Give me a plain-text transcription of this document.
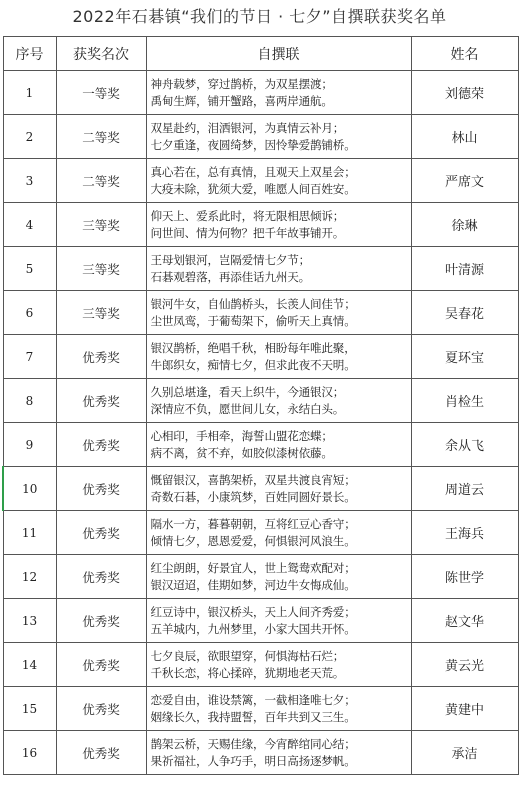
2022年石碁镇“我们的节日 · 七夕”自撰联获奖名单
序号	获奖名次	自撰联	姓名
1	一等奖	神舟载梦，穿过鹊桥，为双星摆渡；
禹甸生辉，铺开蟹路，喜两岸通航。	刘德荣
2	二等奖	双星赴约，泪洒银河，为真情云补月；
七夕重逢，夜圆绮梦，因怜挚爱鹊铺桥。	林山
3	二等奖	真心若在，总有真情，且观天上双星会；
大疫未除，犹须大爱，唯愿人间百姓安。	严席文
4	三等奖	仰天上、爱系此时，将无限相思倾诉；
问世间、情为何物？把千年故事铺开。	徐琳
5	三等奖	王母划银河，岂隔爱情七夕节；
石碁观碧落，再添佳话九州天。	叶清源
6	三等奖	银河牛女，自仙鹊桥头，长羡人间佳节；
尘世凤鸾，于葡萄架下，偷听天上真情。	吴春花
7	优秀奖	银汉鹊桥，绝唱千秋，相盼每年唯此聚，
牛郎织女，痴情七夕，但求此夜不天明。	夏环宝
8	优秀奖	久别总堪逢，看天上织牛，今通银汉；
深情应不负，愿世间儿女，永结白头。	肖检生
9	优秀奖	心相印，手相牵，海誓山盟花恋蝶；
病不离，贫不弃，如胶似漆树依藤。	余从飞
10	优秀奖	慨留银汉，喜鹊架桥，双星共渡良宵短；
奇数石碁，小康筑梦，百姓同圆好景长。	周道云
11	优秀奖	隔水一方，暮暮朝朝，互将红豆心香守；
倾情七夕，恩恩爱爱，何惧银河风浪生。	王海兵
12	优秀奖	红尘朗朗，好景宜人，世上鸳鸯欢配对；
银汉迢迢，佳期如梦，河边牛女悔成仙。	陈世学
13	优秀奖	红豆诗中，银汉桥头，天上人间齐秀爱；
五羊城内，九州梦里，小家大国共开怀。	赵文华
14	优秀奖	七夕良辰，欲眼望穿，何惧海枯石烂；
千秋长恋，将心揉碎，犹期地老天荒。	黄云光
15	优秀奖	恋爱自由，谁设禁篱，一截相逢唯七夕；
姻缘长久，我持盟誓，百年共到又三生。	黄建中
16	优秀奖	鹊架云桥，天赐佳缘，今宵醉绾同心结；
果祈福社，人争巧手，明日高扬逐梦帆。	承洁
